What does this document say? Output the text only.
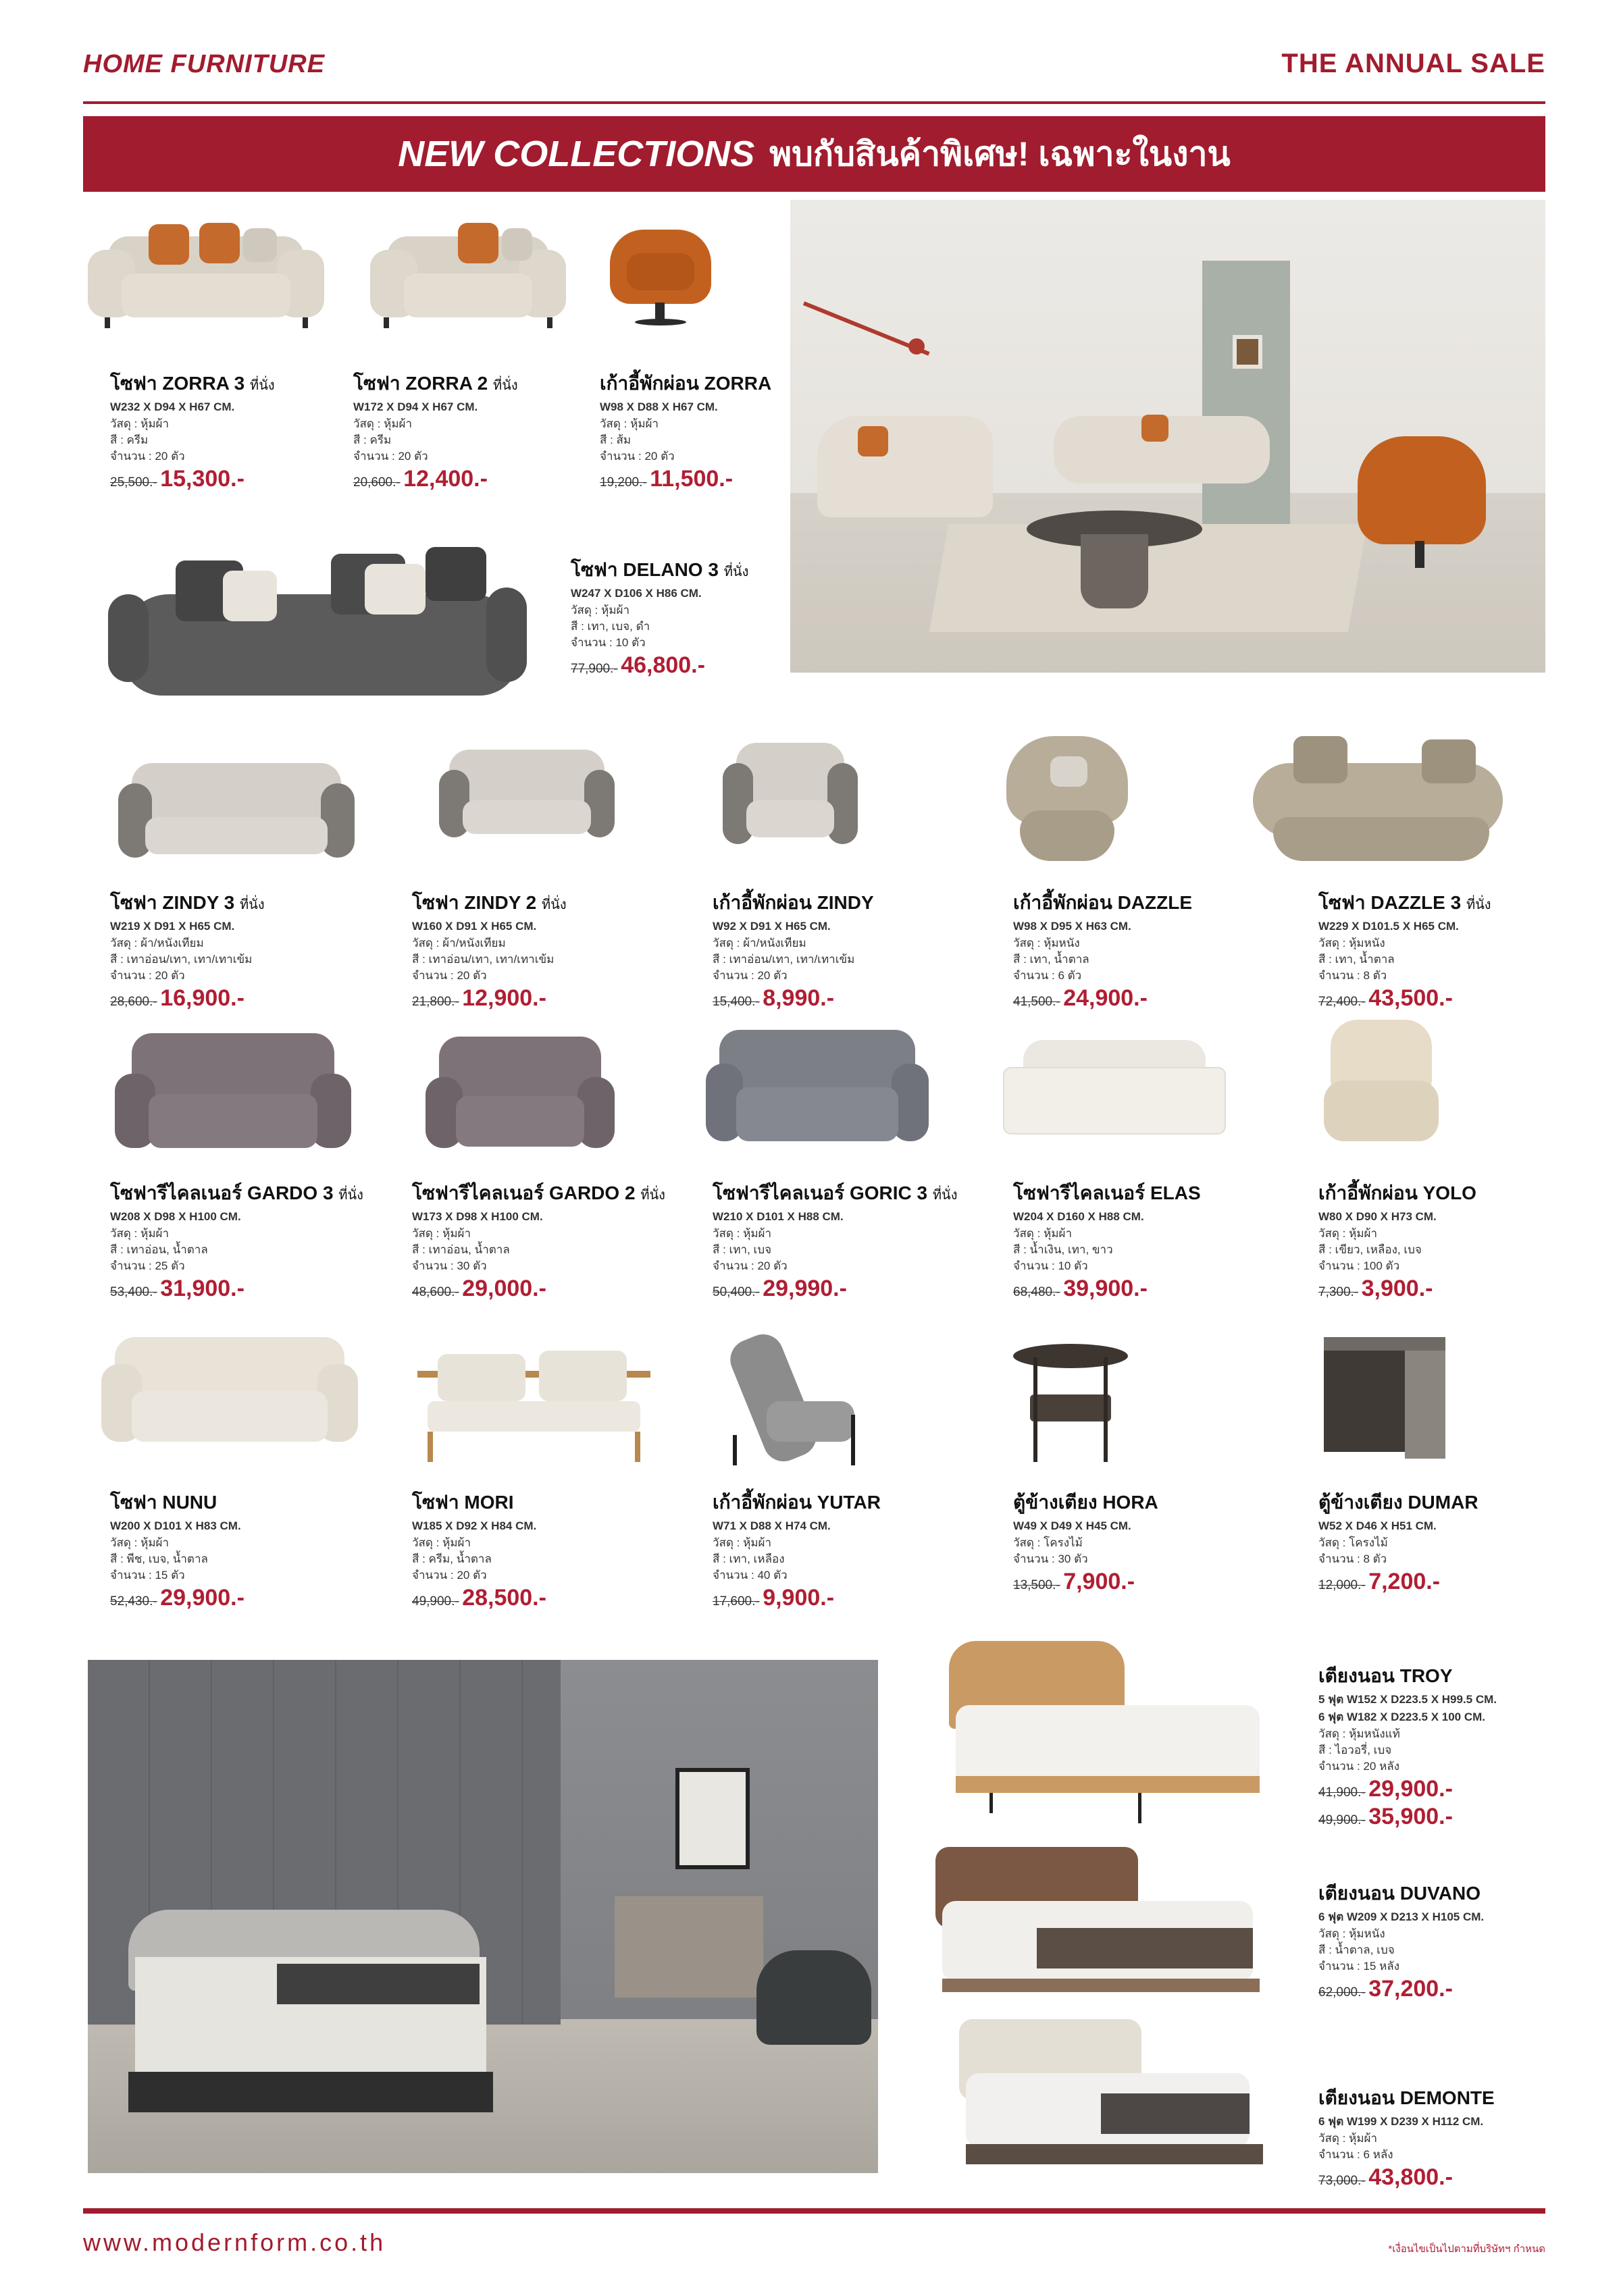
HOME FURNITURE	THE ANNUAL SALE
NEW COLLECTIONS พบกับสินค้าพิเศษ! เฉพาะในงาน
โซฟา ZORRA 3 ที่นั่ง
W232 X D94 X H67 CM.
วัสดุ : หุ้มผ้า
สี : ครีม
จำนวน : 20 ตัว
25,500.- 15,300.-
โซฟา ZORRA 2 ที่นั่ง
W172 X D94 X H67 CM.
วัสดุ : หุ้มผ้า
สี : ครีม
จำนวน : 20 ตัว
20,600.- 12,400.-
เก้าอี้พักผ่อน ZORRA
W98 X D88 X H67 CM.
วัสดุ : หุ้มผ้า
สี : ส้ม
จำนวน : 20 ตัว
19,200.- 11,500.-
โซฟา DELANO 3 ที่นั่ง
W247 X D106 X H86 CM.
วัสดุ : หุ้มผ้า
สี : เทา, เบจ, ดำ
จำนวน : 10 ตัว
77,900.- 46,800.-
โซฟา ZINDY 3 ที่นั่ง
W219 X D91 X H65 CM.
วัสดุ : ผ้า/หนังเทียม
สี : เทาอ่อน/เทา, เทา/เทาเข้ม
จำนวน : 20 ตัว
28,600.- 16,900.-
โซฟา ZINDY 2 ที่นั่ง
W160 X D91 X H65 CM.
วัสดุ : ผ้า/หนังเทียม
สี : เทาอ่อน/เทา, เทา/เทาเข้ม
จำนวน : 20 ตัว
21,800.- 12,900.-
เก้าอี้พักผ่อน ZINDY
W92 X D91 X H65 CM.
วัสดุ : ผ้า/หนังเทียม
สี : เทาอ่อน/เทา, เทา/เทาเข้ม
จำนวน : 20 ตัว
15,400.- 8,990.-
เก้าอี้พักผ่อน DAZZLE
W98 X D95 X H63 CM.
วัสดุ : หุ้มหนัง
สี : เทา, น้ำตาล
จำนวน : 6 ตัว
41,500.- 24,900.-
โซฟา DAZZLE 3 ที่นั่ง
W229 X D101.5 X H65 CM.
วัสดุ : หุ้มหนัง
สี : เทา, น้ำตาล
จำนวน : 8 ตัว
72,400.- 43,500.-
โซฟารีไคลเนอร์ GARDO 3 ที่นั่ง
W208 X D98 X H100 CM.
วัสดุ : หุ้มผ้า
สี : เทาอ่อน, น้ำตาล
จำนวน : 25 ตัว
53,400.- 31,900.-
โซฟารีไคลเนอร์ GARDO 2 ที่นั่ง
W173 X D98 X H100 CM.
วัสดุ : หุ้มผ้า
สี : เทาอ่อน, น้ำตาล
จำนวน : 30 ตัว
48,600.- 29,000.-
โซฟารีไคลเนอร์ GORIC 3 ที่นั่ง
W210 X D101 X H88 CM.
วัสดุ : หุ้มผ้า
สี : เทา, เบจ
จำนวน : 20 ตัว
50,400.- 29,990.-
โซฟารีไคลเนอร์ ELAS
W204 X D160 X H88 CM.
วัสดุ : หุ้มผ้า
สี : น้ำเงิน, เทา, ขาว
จำนวน : 10 ตัว
68,480.- 39,900.-
เก้าอี้พักผ่อน YOLO
W80 X D90 X H73 CM.
วัสดุ : หุ้มผ้า
สี : เขียว, เหลือง, เบจ
จำนวน : 100 ตัว
7,300.- 3,900.-
โซฟา NUNU
W200 X D101 X H83 CM.
วัสดุ : หุ้มผ้า
สี : พีช, เบจ, น้ำตาล
จำนวน : 15 ตัว
52,430.- 29,900.-
โซฟา MORI
W185 X D92 X H84 CM.
วัสดุ : หุ้มผ้า
สี : ครีม, น้ำตาล
จำนวน : 20 ตัว
49,900.- 28,500.-
เก้าอี้พักผ่อน YUTAR
W71 X D88 X H74 CM.
วัสดุ : หุ้มผ้า
สี : เทา, เหลือง
จำนวน : 40 ตัว
17,600.- 9,900.-
ตู้ข้างเตียง HORA
W49 X D49 X H45 CM.
วัสดุ : โครงไม้
จำนวน : 30 ตัว
13,500.- 7,900.-
ตู้ข้างเตียง DUMAR
W52 X D46 X H51 CM.
วัสดุ : โครงไม้
จำนวน : 8 ตัว
12,000.- 7,200.-
เตียงนอน TROY
5 ฟุต W152 X D223.5 X H99.5 CM.
6 ฟุต W182 X D223.5 X 100 CM.
วัสดุ : หุ้มหนังแท้
สี : ไอวอรี่, เบจ
จำนวน : 20 หลัง
41,900.- 29,900.-
49,900.- 35,900.-
เตียงนอน DUVANO
6 ฟุต W209 X D213 X H105 CM.
วัสดุ : หุ้มหนัง
สี : น้ำตาล, เบจ
จำนวน : 15 หลัง
62,000.- 37,200.-
เตียงนอน DEMONTE
6 ฟุต W199 X D239 X H112 CM.
วัสดุ : หุ้มผ้า
จำนวน : 6 หลัง
73,000.- 43,800.-
www.modernform.co.th	*เงื่อนไขเป็นไปตามที่บริษัทฯ กำหนด
